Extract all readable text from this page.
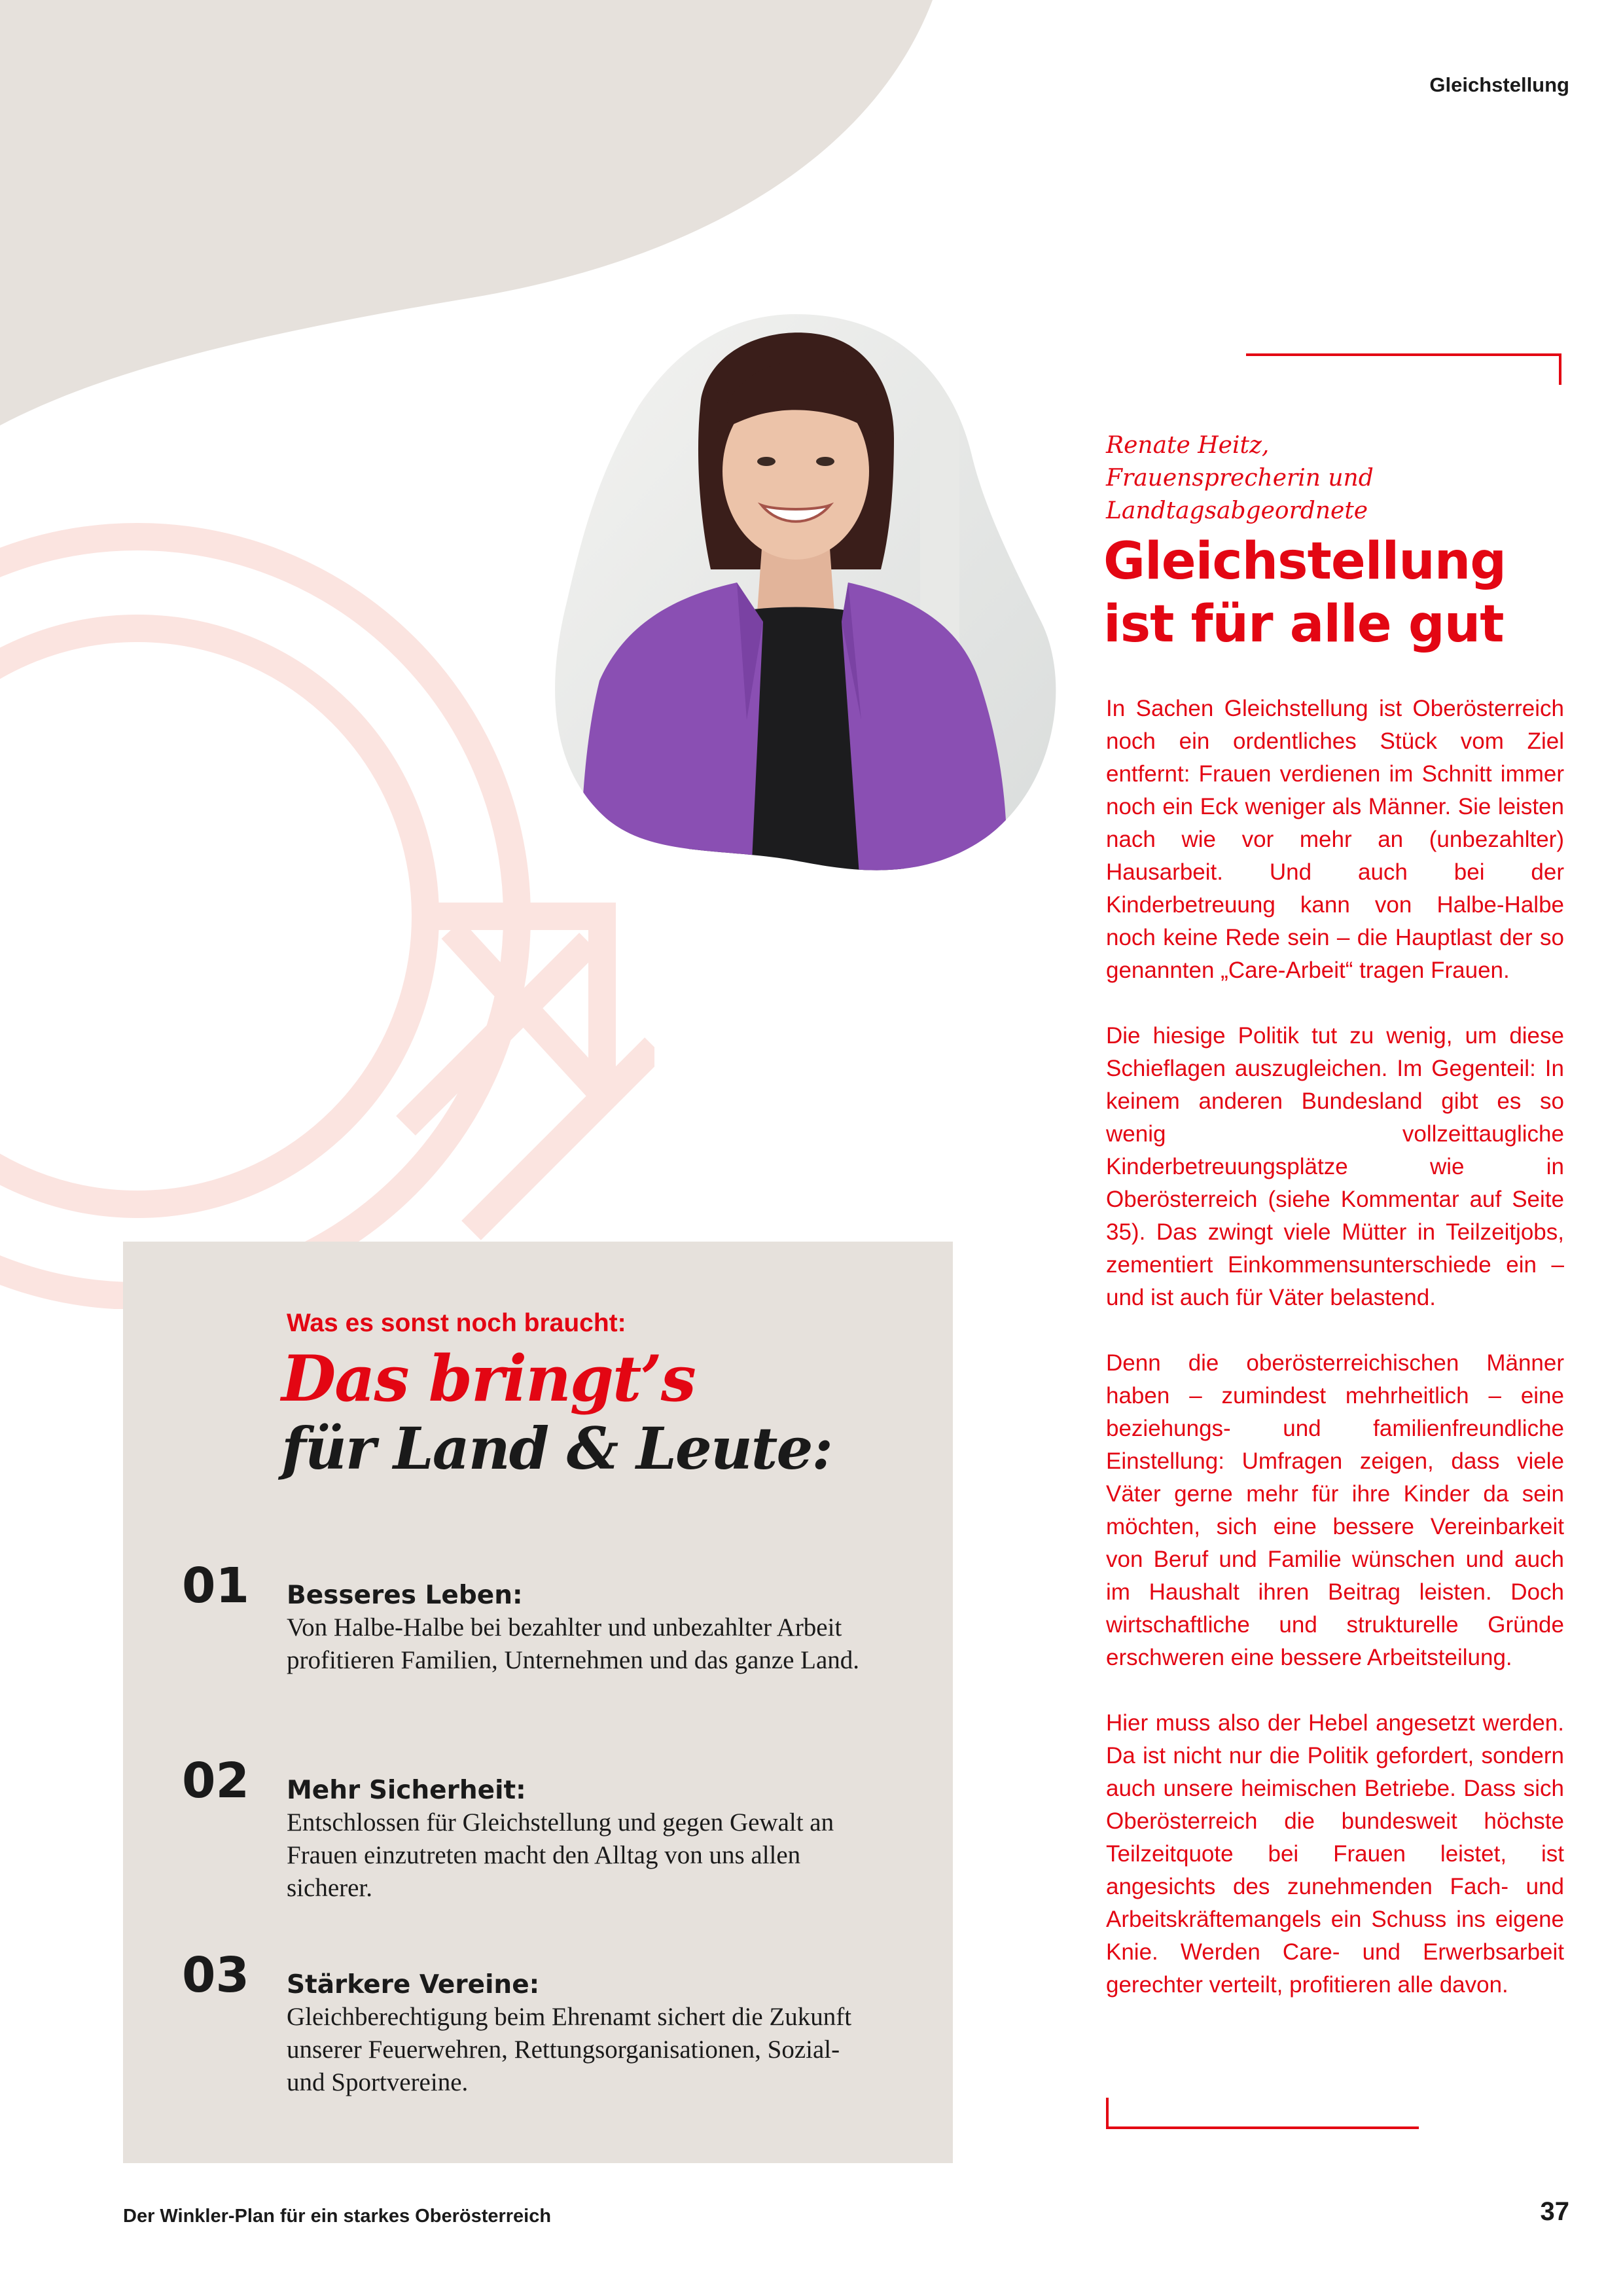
Gleichstellung
Renate Heitz,
Frauensprecherin und
Landtagsabgeordnete
Gleichstellung
ist für alle gut

In Sachen Gleichstellung ist Oberösterreich noch ein ordentliches Stück vom Ziel entfernt: Frauen verdienen im Schnitt immer noch ein Eck weniger als Männer. Sie leisten nach wie vor mehr an (unbezahlter) Hausarbeit. Und auch bei der Kinderbetreuung kann von Halbe-Halbe noch keine Rede sein – die Hauptlast der so genannten „Care-Arbeit“ tragen Frauen.

Die hiesige Politik tut zu wenig, um diese Schieflagen auszugleichen. Im Gegenteil: In keinem anderen Bundesland gibt es so wenig vollzeittaugliche Kinderbetreuungsplätze wie in Oberösterreich (siehe Kommentar auf Seite 35). Das zwingt viele Mütter in Teilzeitjobs, zementiert Einkommensunterschiede ein – und ist auch für Väter belastend.

Denn die oberösterreichischen Männer haben – zumindest mehrheitlich – eine beziehungs- und familienfreundliche Einstellung: Umfragen zeigen, dass viele Väter gerne mehr für ihre Kinder da sein möchten, sich eine bessere Vereinbarkeit von Beruf und Familie wünschen und auch im Haushalt ihren Beitrag leisten. Doch wirtschaftliche und strukturelle Gründe erschweren eine bessere Arbeitsteilung.

Hier muss also der Hebel angesetzt werden. Da ist nicht nur die Politik gefordert, sondern auch unsere heimischen Betriebe. Dass sich Oberösterreich die bundesweit höchste Teilzeitquote bei Frauen leistet, ist angesichts des zunehmenden Fach- und Arbeitskräftemangels ein Schuss ins eigene Knie. Werden Care- und Erwerbsarbeit gerechter verteilt, profitieren alle davon.

Was es sonst noch braucht:
Das bringt’s
für Land & Leute:
01 Besseres Leben:
Von Halbe-Halbe bei bezahlter und unbezahlter Arbeit profitieren Familien, Unternehmen und das ganze Land.
02 Mehr Sicherheit:
Entschlossen für Gleichstellung und gegen Gewalt an Frauen einzutreten macht den Alltag von uns allen sicherer.
03 Stärkere Vereine:
Gleichberechtigung beim Ehrenamt sichert die Zukunft unserer Feuerwehren, Rettungsorganisationen, Sozial- und Sportvereine.
Der Winkler-Plan für ein starkes Oberösterreich	37
